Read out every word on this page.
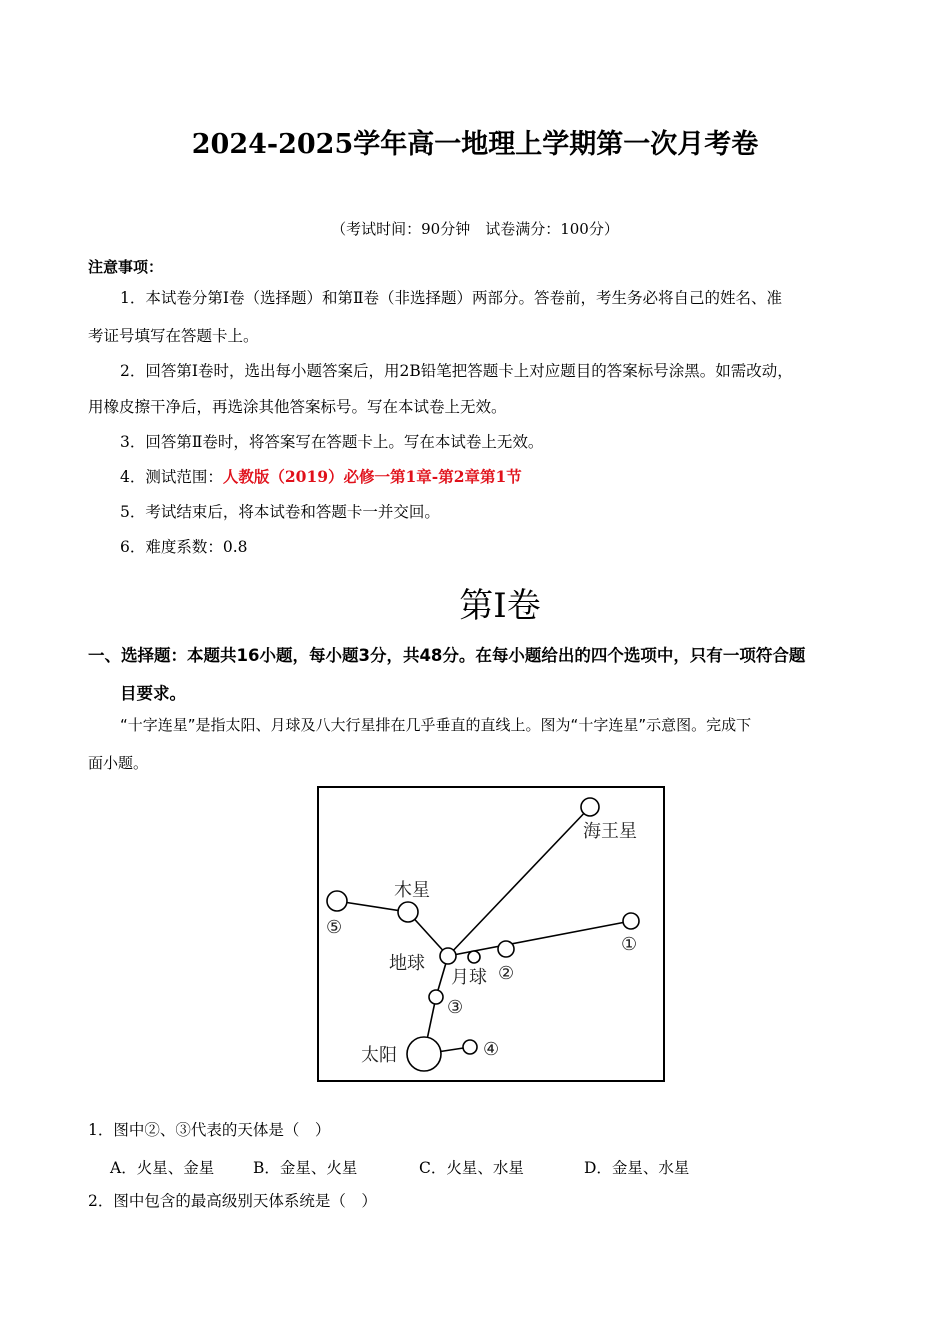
2024-2025学年高一地理上学期第一次月考卷
（考试时间：90分钟　试卷满分：100分）
注意事项：
1．本试卷分第Ⅰ卷（选择题）和第Ⅱ卷（非选择题）两部分。答卷前，考生务必将自己的姓名、准
考证号填写在答题卡上。
2．回答第Ⅰ卷时，选出每小题答案后，用2B铅笔把答题卡上对应题目的答案标号涂黑。如需改动，
用橡皮擦干净后，再选涂其他答案标号。写在本试卷上无效。
3．回答第Ⅱ卷时，将答案写在答题卡上。写在本试卷上无效。
4．测试范围：人教版（2019）必修一第1章-第2章第1节
5．考试结束后，将本试卷和答题卡一并交回。
6．难度系数：0.8
第Ⅰ卷
一、选择题：本题共16小题，每小题3分，共48分。在每小题给出的四个选项中，只有一项符合题
目要求。
“十字连星”是指太阳、月球及八大行星排在几乎垂直的直线上。图为“十字连星”示意图。完成下
面小题。
海王星
木星
地球
月球
太阳
①
②
③
④
⑤
1．图中②、③代表的天体是（　）
A．火星、金星	B．金星、火星	C．火星、水星	D．金星、水星
2．图中包含的最高级别天体系统是（　）
